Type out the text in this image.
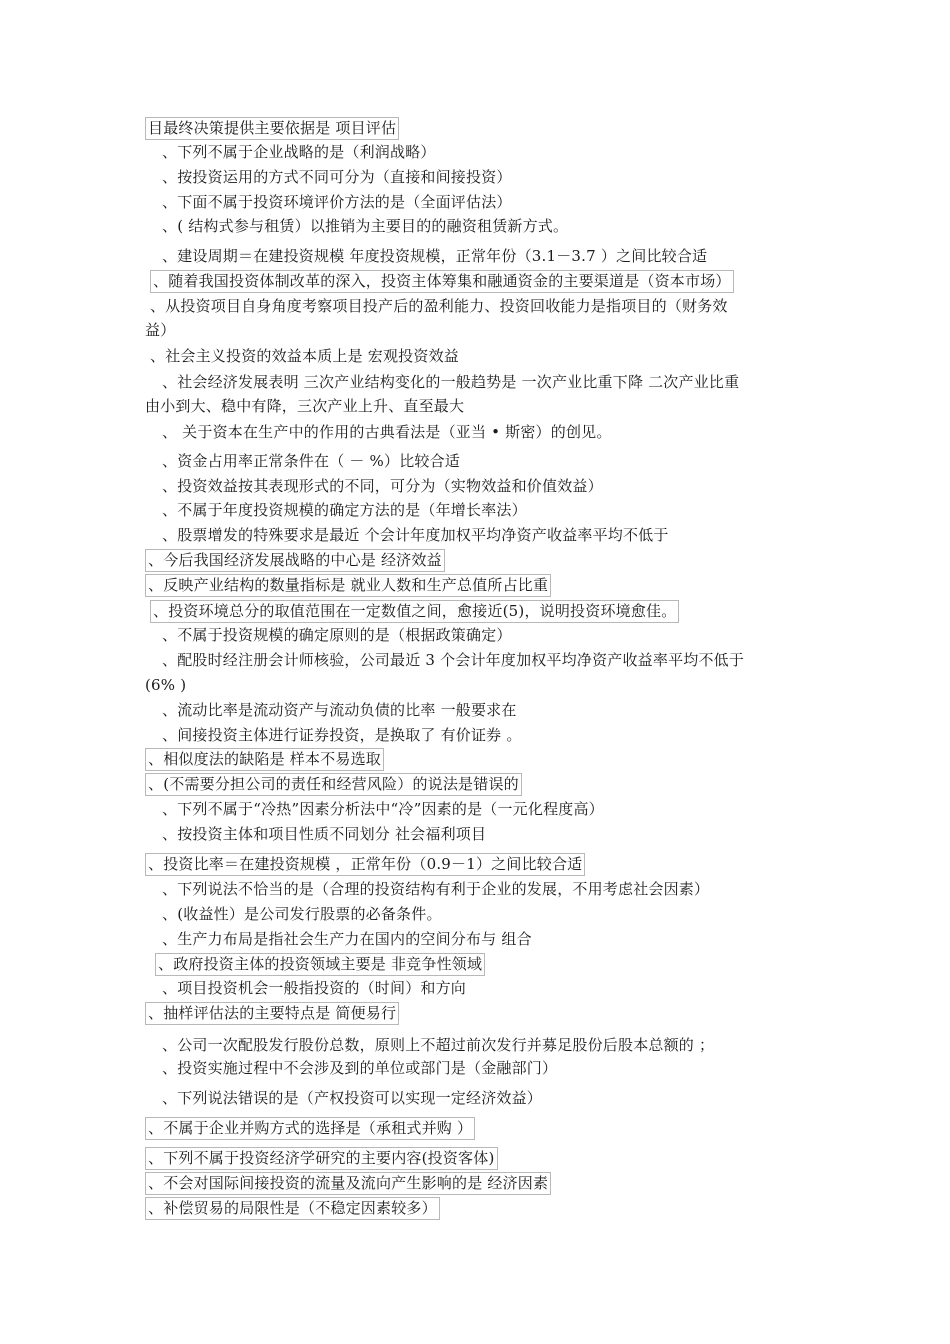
目最终决策提供主要依据是 项目评估
、下列不属于企业战略的是（利润战略）
、按投资运用的方式不同可分为（直接和间接投资）
、下面不属于投资环境评价方法的是（全面评估法）
、( 结构式参与租赁）以推销为主要目的的融资租赁新方式。
、建设周期＝在建投资规模 年度投资规模，正常年份（3.1－3.7 ）之间比较合适
、随着我国投资体制改革的深入，投资主体筹集和融通资金的主要渠道是（资本市场）
、从投资项目自身角度考察项目投产后的盈利能力、投资回收能力是指项目的（财务效
益）
、社会主义投资的效益本质上是 宏观投资效益
、社会经济发展表明 三次产业结构变化的一般趋势是 一次产业比重下降 二次产业比重
由小到大、稳中有降，三次产业上升、直至最大
、 关于资本在生产中的作用的古典看法是（亚当 • 斯密）的创见。
、资金占用率正常条件在（ － %）比较合适
、投资效益按其表现形式的不同，可分为（实物效益和价值效益）
、不属于年度投资规模的确定方法的是（年增长率法）
、股票增发的特殊要求是最近 个会计年度加权平均净资产收益率平均不低于
、今后我国经济发展战略的中心是 经济效益
、反映产业结构的数量指标是 就业人数和生产总值所占比重
、投资环境总分的取值范围在一定数值之间，愈接近(5)，说明投资环境愈佳。
、不属于投资规模的确定原则的是（根据政策确定）
、配股时经注册会计师核验，公司最近 3 个会计年度加权平均净资产收益率平均不低于
(6% )
、流动比率是流动资产与流动负债的比率 一般要求在
、间接投资主体进行证券投资，是换取了 有价证券 。
、相似度法的缺陷是 样本不易选取
、(不需要分担公司的责任和经营风险）的说法是错误的
、下列不属于“冷热”因素分析法中“冷”因素的是（一元化程度高）
、按投资主体和项目性质不同划分 社会福利项目
、投资比率＝在建投资规模 ，正常年份（0.9－1）之间比较合适
、下列说法不恰当的是（合理的投资结构有利于企业的发展，不用考虑社会因素）
、(收益性）是公司发行股票的必备条件。
、生产力布局是指社会生产力在国内的空间分布与 组合
、政府投资主体的投资领域主要是 非竞争性领域
、项目投资机会一般指投资的（时间）和方向
、抽样评估法的主要特点是 简便易行
、公司一次配股发行股份总数，原则上不超过前次发行并募足股份后股本总额的 ；
、投资实施过程中不会涉及到的单位或部门是（金融部门）
、下列说法错误的是（产权投资可以实现一定经济效益）
、不属于企业并购方式的选择是（承租式并购 ）
、下列不属于投资经济学研究的主要内容(投资客体)
、不会对国际间接投资的流量及流向产生影响的是 经济因素
、补偿贸易的局限性是（不稳定因素较多）
